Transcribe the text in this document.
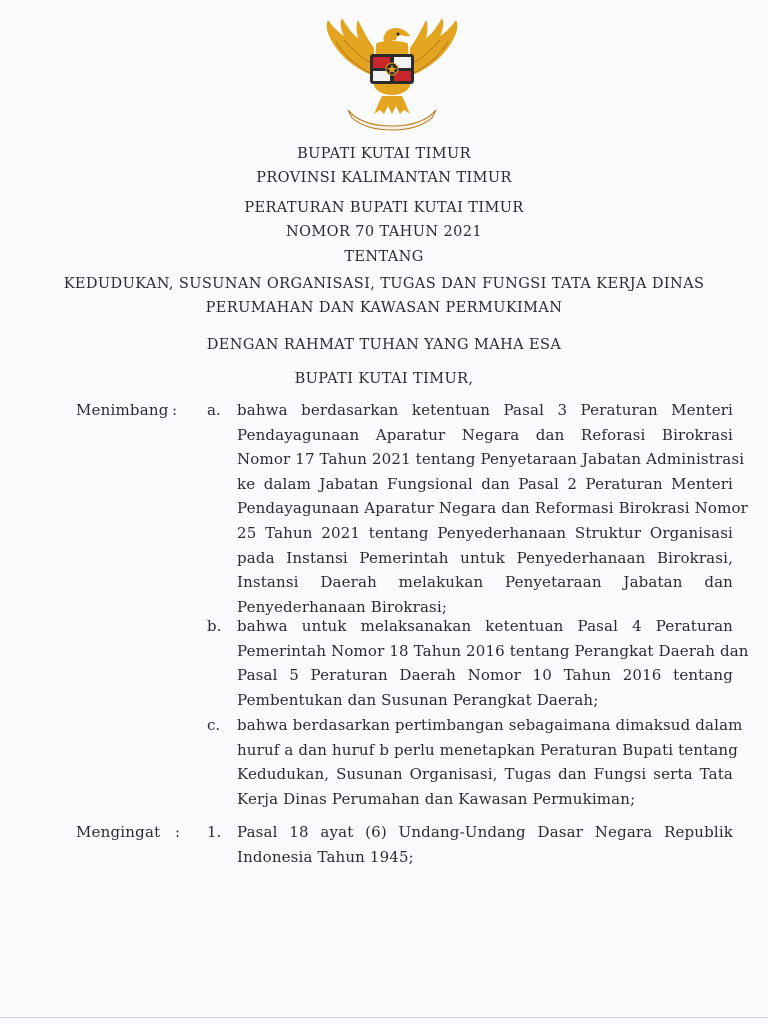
BUPATI KUTAI TIMUR
PROVINSI KALIMANTAN TIMUR
PERATURAN BUPATI KUTAI TIMUR
NOMOR 70 TAHUN 2021
TENTANG
KEDUDUKAN, SUSUNAN ORGANISASI, TUGAS DAN FUNGSI TATA KERJA DINAS
PERUMAHAN DAN KAWASAN PERMUKIMAN
DENGAN RAHMAT TUHAN YANG MAHA ESA
BUPATI KUTAI TIMUR,
Menimbang : a. bahwa berdasarkan ketentuan Pasal 3 Peraturan Menteri
Pendayagunaan Aparatur Negara dan Reforasi Birokrasi
Nomor 17 Tahun 2021 tentang Penyetaraan Jabatan Administrasi
ke dalam Jabatan Fungsional dan Pasal 2 Peraturan Menteri
Pendayagunaan Aparatur Negara dan Reformasi Birokrasi Nomor
25 Tahun 2021 tentang Penyederhanaan Struktur Organisasi
pada Instansi Pemerintah untuk Penyederhanaan Birokrasi,
Instansi Daerah melakukan Penyetaraan Jabatan dan
Penyederhanaan Birokrasi;
b. bahwa untuk melaksanakan ketentuan Pasal 4 Peraturan
Pemerintah Nomor 18 Tahun 2016 tentang Perangkat Daerah dan
Pasal 5 Peraturan Daerah Nomor 10 Tahun 2016 tentang
Pembentukan dan Susunan Perangkat Daerah;
c. bahwa berdasarkan pertimbangan sebagaimana dimaksud dalam
huruf a dan huruf b perlu menetapkan Peraturan Bupati tentang
Kedudukan, Susunan Organisasi, Tugas dan Fungsi serta Tata
Kerja Dinas Perumahan dan Kawasan Permukiman;
Mengingat : 1. Pasal 18 ayat (6) Undang-Undang Dasar Negara Republik
Indonesia Tahun 1945;
